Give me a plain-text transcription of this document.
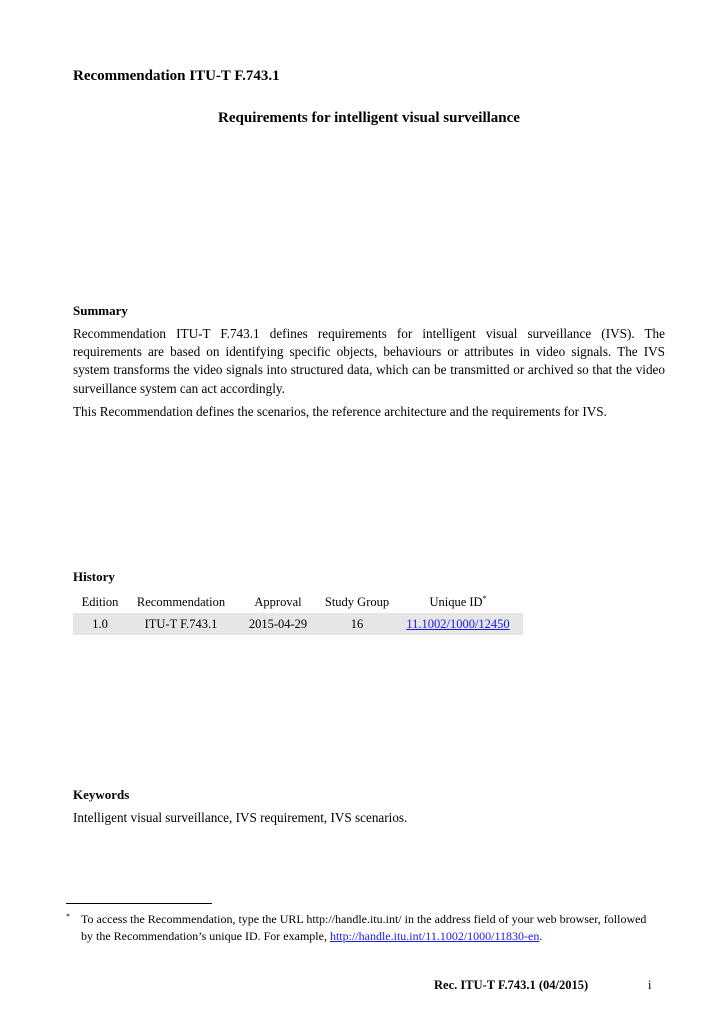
Recommendation ITU-T F.743.1
Requirements for intelligent visual surveillance
Summary

Recommendation ITU-T F.743.1 defines requirements for intelligent visual surveillance (IVS). The requirements are based on identifying specific objects, behaviours or attributes in video signals. The IVS system transforms the video signals into structured data, which can be transmitted or archived so that the video surveillance system can act accordingly.

This Recommendation defines the scenarios, the reference architecture and the requirements for IVS.

History
Edition	Recommendation	Approval	Study Group	Unique ID*
1.0	ITU-T F.743.1	2015-04-29	16	11.1002/1000/12450
Keywords
Intelligent visual surveillance, IVS requirement, IVS scenarios.
* To access the Recommendation, type the URL http://handle.itu.int/ in the address field of your web browser, followed by the Recommendation’s unique ID. For example, http://handle.itu.int/11.1002/1000/11830-en.
Rec. ITU-T F.743.1 (04/2015)	i
